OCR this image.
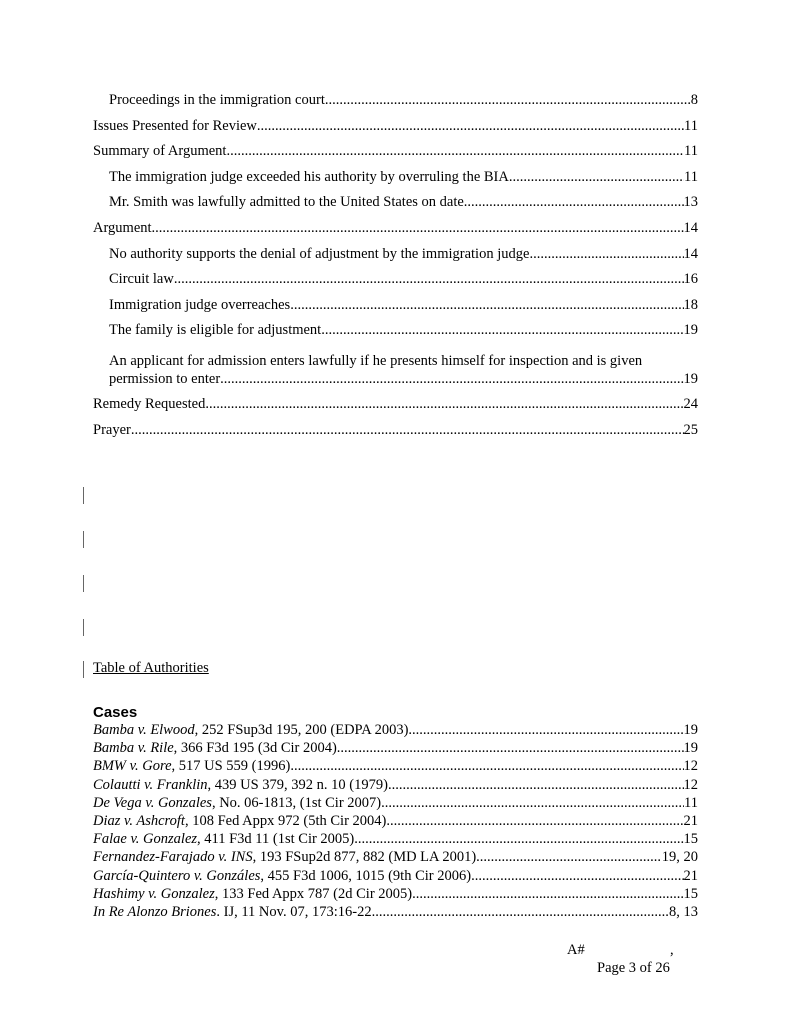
Proceedings in the immigration court .....	8
Issues Presented for Review .....	11
Summary of Argument .....	11
The immigration judge exceeded his authority by overruling the BIA .....	11
Mr. Smith was lawfully admitted to the United States on date .....	13
Argument .....	14
No authority supports the denial of adjustment by the immigration judge .....	14
Circuit law .....	16
Immigration judge overreaches .....	18
The family is eligible for adjustment .....	19
An applicant for admission enters lawfully if he presents himself for inspection and is given
permission to enter .....	19
Remedy Requested .....	24
Prayer .....	25
Table of Authorities
Cases
Bamba v. Elwood , 252 FSup3d 195, 200 (EDPA 2003) .....	19
Bamba v. Rile , 366 F3d 195 (3d Cir 2004) .....	19
BMW v. Gore , 517 US 559 (1996) .....	12
Colautti v. Franklin , 439 US 379, 392 n. 10 (1979) .....	12
De Vega v. Gonzales , No. 06-1813, (1st Cir 2007) .....	11
Diaz v. Ashcroft , 108 Fed Appx 972 (5th Cir 2004) .....	21
Falae v. Gonzalez , 411 F3d 11 (1st Cir 2005) .....	15
Fernandez-Farajado v. INS , 193 FSup2d 877, 882 (MD LA 2001) .....	19, 20
García-Quintero v. Gonzáles , 455 F3d 1006, 1015 (9th Cir 2006) .....	21
Hashimy v. Gonzalez , 133 Fed Appx 787 (2d Cir 2005) .....	15
In Re Alonzo Briones . IJ, 11 Nov. 07, 173:16-22 .....	8, 13
A#	,
Page 3 of 26
